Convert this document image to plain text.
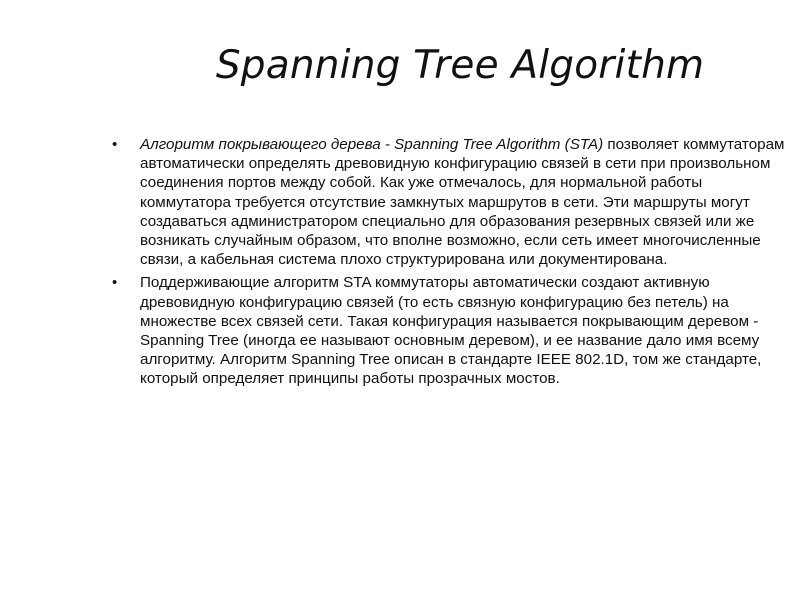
Spanning Tree Algorithm
•	Алгоритм покрывающего дерева - Spanning Tree Algorithm (STA) позволяет коммутаторам автоматически определять древовидную конфигурацию связей в сети при произвольном соединения портов между собой. Как уже отмечалось, для нормальной работы коммутатора требуется отсутствие замкнутых маршрутов в сети. Эти маршруты могут создаваться администратором специально для образования резервных связей или же возникать случайным образом, что вполне возможно, если сеть имеет многочисленные связи, а кабельная система плохо структурирована или документирована.
•	Поддерживающие алгоритм STA коммутаторы автоматически создают активную древовидную конфигурацию связей (то есть связную конфигурацию без петель) на множестве всех связей сети. Такая конфигурация называется покрывающим деревом - Spanning Tree (иногда ее называют основным деревом), и ее название дало имя всему алгоритму. Алгоритм Spanning Tree описан в стандарте IEEE 802.1D, том же стандарте, который определяет принципы работы прозрачных мостов.
